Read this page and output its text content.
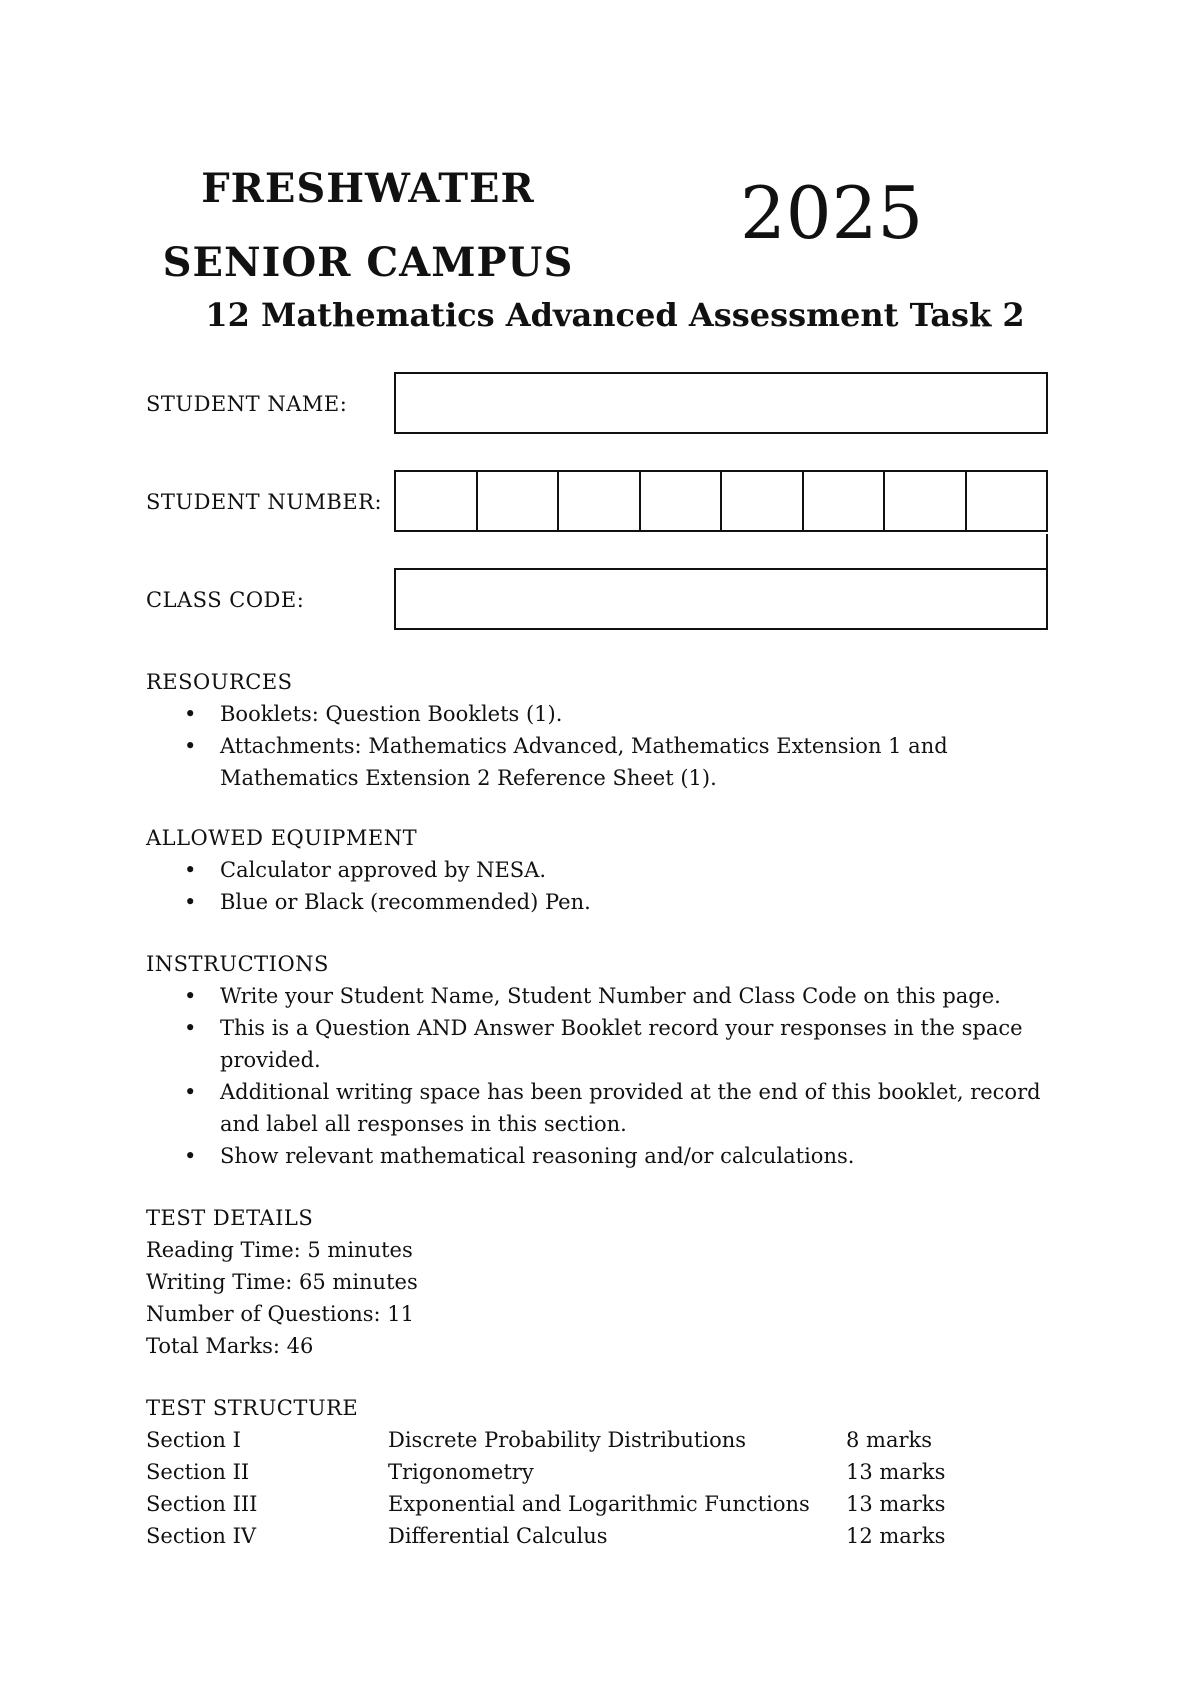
FRESHWATER
SENIOR CAMPUS
2025
12 Mathematics Advanced Assessment Task 2
STUDENT NAME:
STUDENT NUMBER:
CLASS CODE:
RESOURCES
• Booklets: Question Booklets (1).
• Attachments: Mathematics Advanced, Mathematics Extension 1 and Mathematics Extension 2 Reference Sheet (1).
ALLOWED EQUIPMENT
• Calculator approved by NESA.
• Blue or Black (recommended) Pen.
INSTRUCTIONS
• Write your Student Name, Student Number and Class Code on this page.
• This is a Question AND Answer Booklet record your responses in the space provided.
• Additional writing space has been provided at the end of this booklet, record and label all responses in this section.
• Show relevant mathematical reasoning and/or calculations.
TEST DETAILS
Reading Time: 5 minutes
Writing Time: 65 minutes
Number of Questions: 11
Total Marks: 46
TEST STRUCTURE
Section I	Discrete Probability Distributions	8 marks
Section II	Trigonometry	13 marks
Section III	Exponential and Logarithmic Functions	13 marks
Section IV	Differential Calculus	12 marks
